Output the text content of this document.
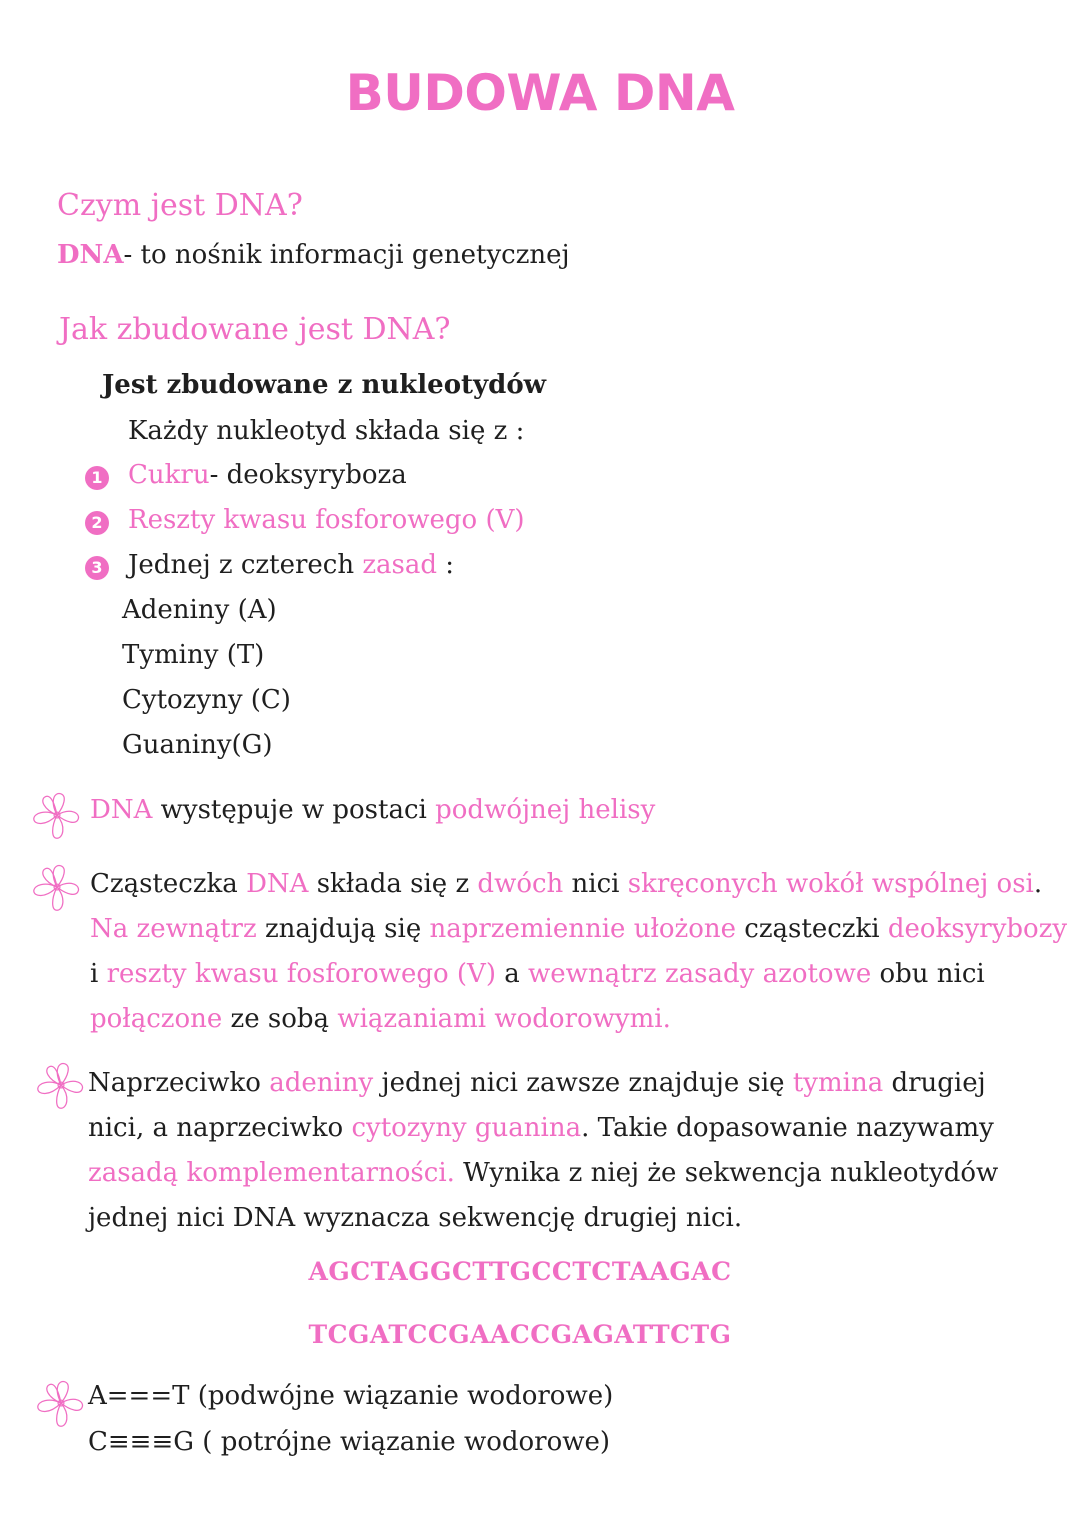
BUDOWA DNA
Czym jest DNA?
DNA- to nośnik informacji genetycznej
Jak zbudowane jest DNA?
Jest zbudowane z nukleotydów
Każdy nukleotyd składa się z :
1 Cukru- deoksyryboza
2 Reszty kwasu fosforowego (V)
3 Jednej z czterech zasad :
Adeniny (A)
Tyminy (T)
Cytozyny (C)
Guaniny(G)
DNA występuje w postaci podwójnej helisy
Cząsteczka DNA składa się z dwóch nici skręconych wokół wspólnej osi.
Na zewnątrz znajdują się naprzemiennie ułożone cząsteczki deoksyrybozy
i reszty kwasu fosforowego (V) a wewnątrz zasady azotowe obu nici
połączone ze sobą wiązaniami wodorowymi.
Naprzeciwko adeniny jednej nici zawsze znajduje się tymina drugiej
nici, a naprzeciwko cytozyny guanina. Takie dopasowanie nazywamy
zasadą komplementarności. Wynika z niej że sekwencja nukleotydów
jednej nici DNA wyznacza sekwencję drugiej nici.
AGCTAGGCTTGCCTCTAAGAC
TCGATCCGAACCGAGATTCTG
A===T (podwójne wiązanie wodorowe)
C≡≡≡G ( potrójne wiązanie wodorowe)
